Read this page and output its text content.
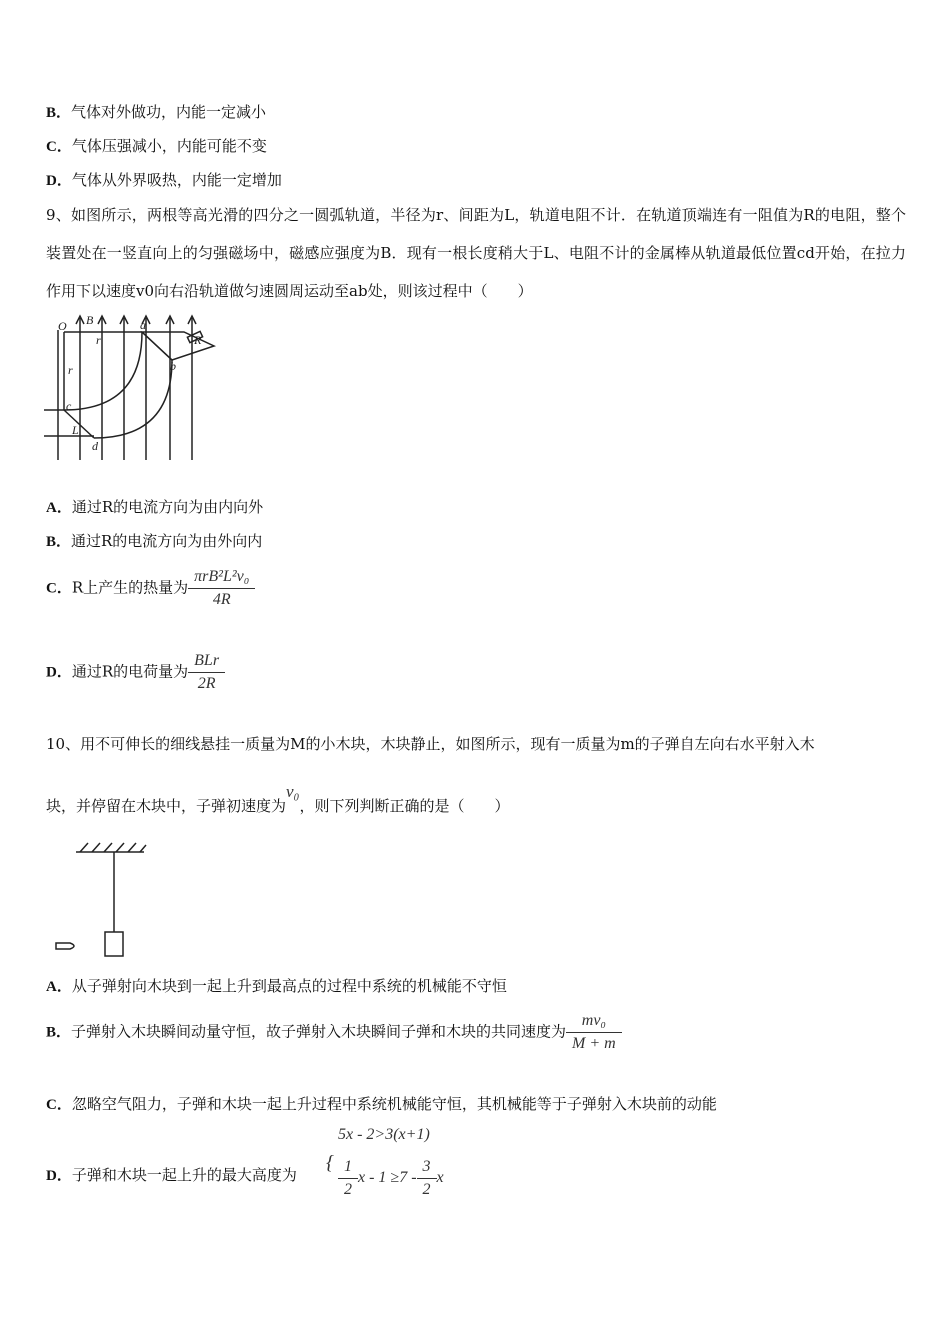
B．气体对外做功，内能一定减小
C．气体压强减小，内能可能不变
D．气体从外界吸热，内能一定增加
9、如图所示，两根等高光滑的四分之一圆弧轨道，半径为r、间距为L，轨道电阻不计．在轨道顶端连有一阻值为R的电阻，整个装置处在一竖直向上的匀强磁场中，磁感应强度为B．现有一根长度稍大于L、电阻不计的金属棒从轨道最低位置cd开始，在拉力作用下以速度v0向右沿轨道做匀速圆周运动至ab处，则该过程中（　　）
O B
r
a
R
b
r
c
L
d
A．通过R的电流方向为由内向外
B．通过R的电流方向为由外向内
C．R上产生的热量为 $\frac{\text{πrB²L²v₀}}{4R}$
D．通过R的电荷量为 $\frac{\text{BLr}}{2R}$
10、用不可伸长的细线悬挂一质量为M的小木块，木块静止，如图所示，现有一质量为m的子弹自左向右水平射入木
块，并停留在木块中，子弹初速度为v₀，则下列判断正确的是（　　）
A．从子弹射向木块到一起上升到最高点的过程中系统的机械能不守恒
B．子弹射入木块瞬间动量守恒，故子弹射入木块瞬间子弹和木块的共同速度为 $\frac{\text{mv₀}}{M + m}$
C．忽略空气阻力，子弹和木块一起上升过程中系统机械能守恒，其机械能等于子弹射入木块前的动能
D．子弹和木块一起上升的最大高度为
5x - 2>3(x+1)
{ $\frac{1}{2}$ $x - 1 \ge 7 - \frac{3}{2}$ x
